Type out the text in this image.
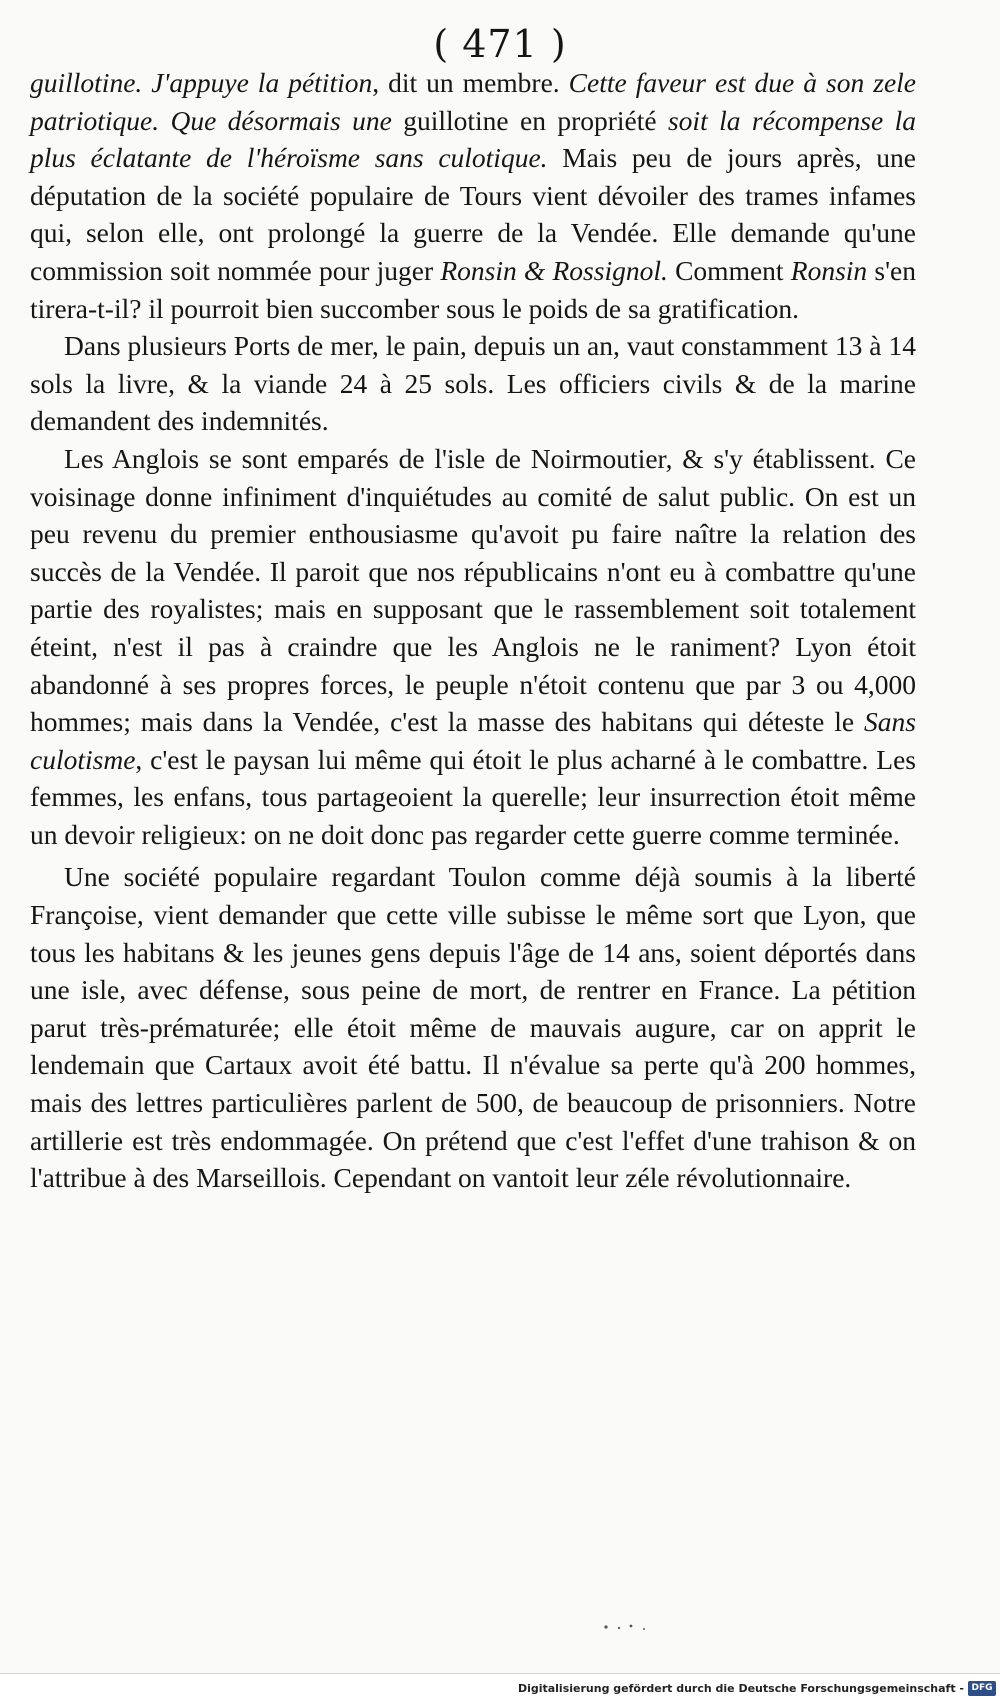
( 471 )

guillotine. J'appuye la pétition, dit un membre. Cette faveur est due à son zele patriotique. Que désormais une guillotine en propriété soit la récompense la plus éclatante de l'héroïsme sans culotique. Mais peu de jours après, une députation de la société populaire de Tours vient dévoiler des trames infames qui, selon elle, ont prolongé la guerre de la Vendée. Elle demande qu'une commission soit nommée pour juger Ronsin & Rossignol. Comment Ronsin s'en tirera-t-il? il pourroit bien succomber sous le poids de sa gratification.

Dans plusieurs Ports de mer, le pain, depuis un an, vaut constamment 13 à 14 sols la livre, & la viande 24 à 25 sols. Les officiers civils & de la marine demandent des indemnités.

Les Anglois se sont emparés de l'isle de Noirmoutier, & s'y établissent. Ce voisinage donne infiniment d'inquiétudes au comité de salut public. On est un peu revenu du premier enthousiasme qu'avoit pu faire naître la relation des succès de la Vendée. Il paroit que nos républicains n'ont eu à combattre qu'une partie des royalistes; mais en supposant que le rassemblement soit totalement éteint, n'est il pas à craindre que les Anglois ne le raniment? Lyon étoit abandonné à ses propres forces, le peuple n'étoit contenu que par 3 ou 4,000 hommes; mais dans la Vendée, c'est la masse des habitans qui déteste le Sans culotisme, c'est le paysan lui même qui étoit le plus acharné à le combattre. Les femmes, les enfans, tous partageoient la querelle; leur insurrection étoit même un devoir religieux: on ne doit donc pas regarder cette guerre comme terminée.

Une société populaire regardant Toulon comme déjà soumis à la liberté Françoise, vient demander que cette ville subisse le même sort que Lyon, que tous les habitans & les jeunes gens depuis l'âge de 14 ans, soient déportés dans une isle, avec défense, sous peine de mort, de rentrer en France. La pétition parut très-prématurée; elle étoit même de mauvais augure, car on apprit le lendemain que Cartaux avoit été battu. Il n'évalue sa perte qu'à 200 hommes, mais des lettres particulières parlent de 500, de beaucoup de prisonniers. Notre artillerie est très endommagée. On prétend que c'est l'effet d'une trahison & on l'attribue à des Marseillois. Cependant on vantoit leur zéle révolutionnaire.

Digitalisierung gefördert durch die Deutsche Forschungsgemeinschaft - DFG
